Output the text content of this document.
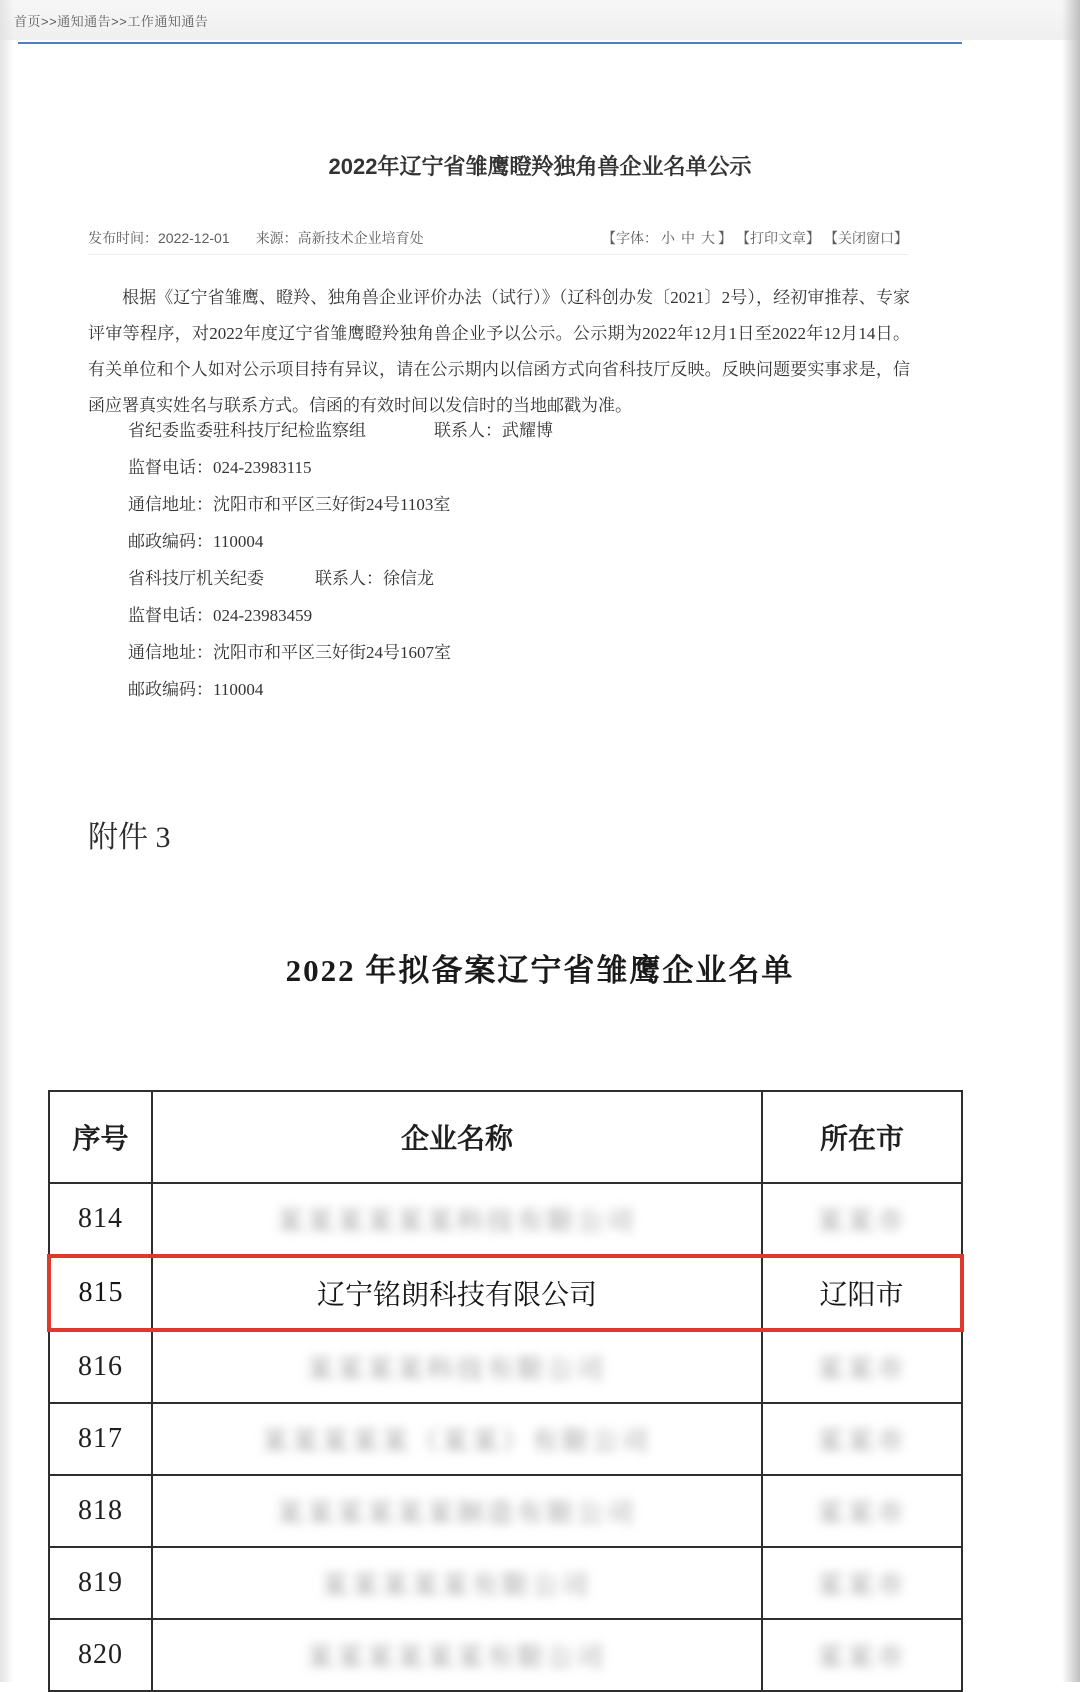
首页>>通知通告>>工作通知通告
2022年辽宁省雏鹰瞪羚独角兽企业名单公示
发布时间：2022-12-01 来源：高新技术企业培育处	【字体： 小 中 大 】 【打印文章】 【关闭窗口】
根据《辽宁省雏鹰、瞪羚、独角兽企业评价办法（试行）》（辽科创办发〔2021〕2号），经初审推荐、专家评审等程序，对2022年度辽宁省雏鹰瞪羚独角兽企业予以公示。公示期为2022年12月1日至2022年12月14日。有关单位和个人如对公示项目持有异议，请在公示期内以信函方式向省科技厅反映。反映问题要实事求是，信函应署真实姓名与联系方式。信函的有效时间以发信时的当地邮戳为准。
省纪委监委驻科技厅纪检监察组　　　　联系人：武耀博
监督电话：024-23983115
通信地址：沈阳市和平区三好街24号1103室
邮政编码：110004
省科技厅机关纪委　　　联系人：徐信龙
监督电话：024-23983459
通信地址：沈阳市和平区三好街24号1607室
邮政编码：110004
附件 3
2022 年拟备案辽宁省雏鹰企业名单
序号	企业名称	所在市
814	某某某某某某科技有限公司	某某市
815	辽宁铭朗科技有限公司	辽阳市
816	某某某某科技有限公司	某某市
817	某某某某某（某某）有限公司	某某市
818	某某某某某某制造有限公司	某某市
819	某某某某某有限公司	某某市
820	某某某某某某有限公司	某某市
